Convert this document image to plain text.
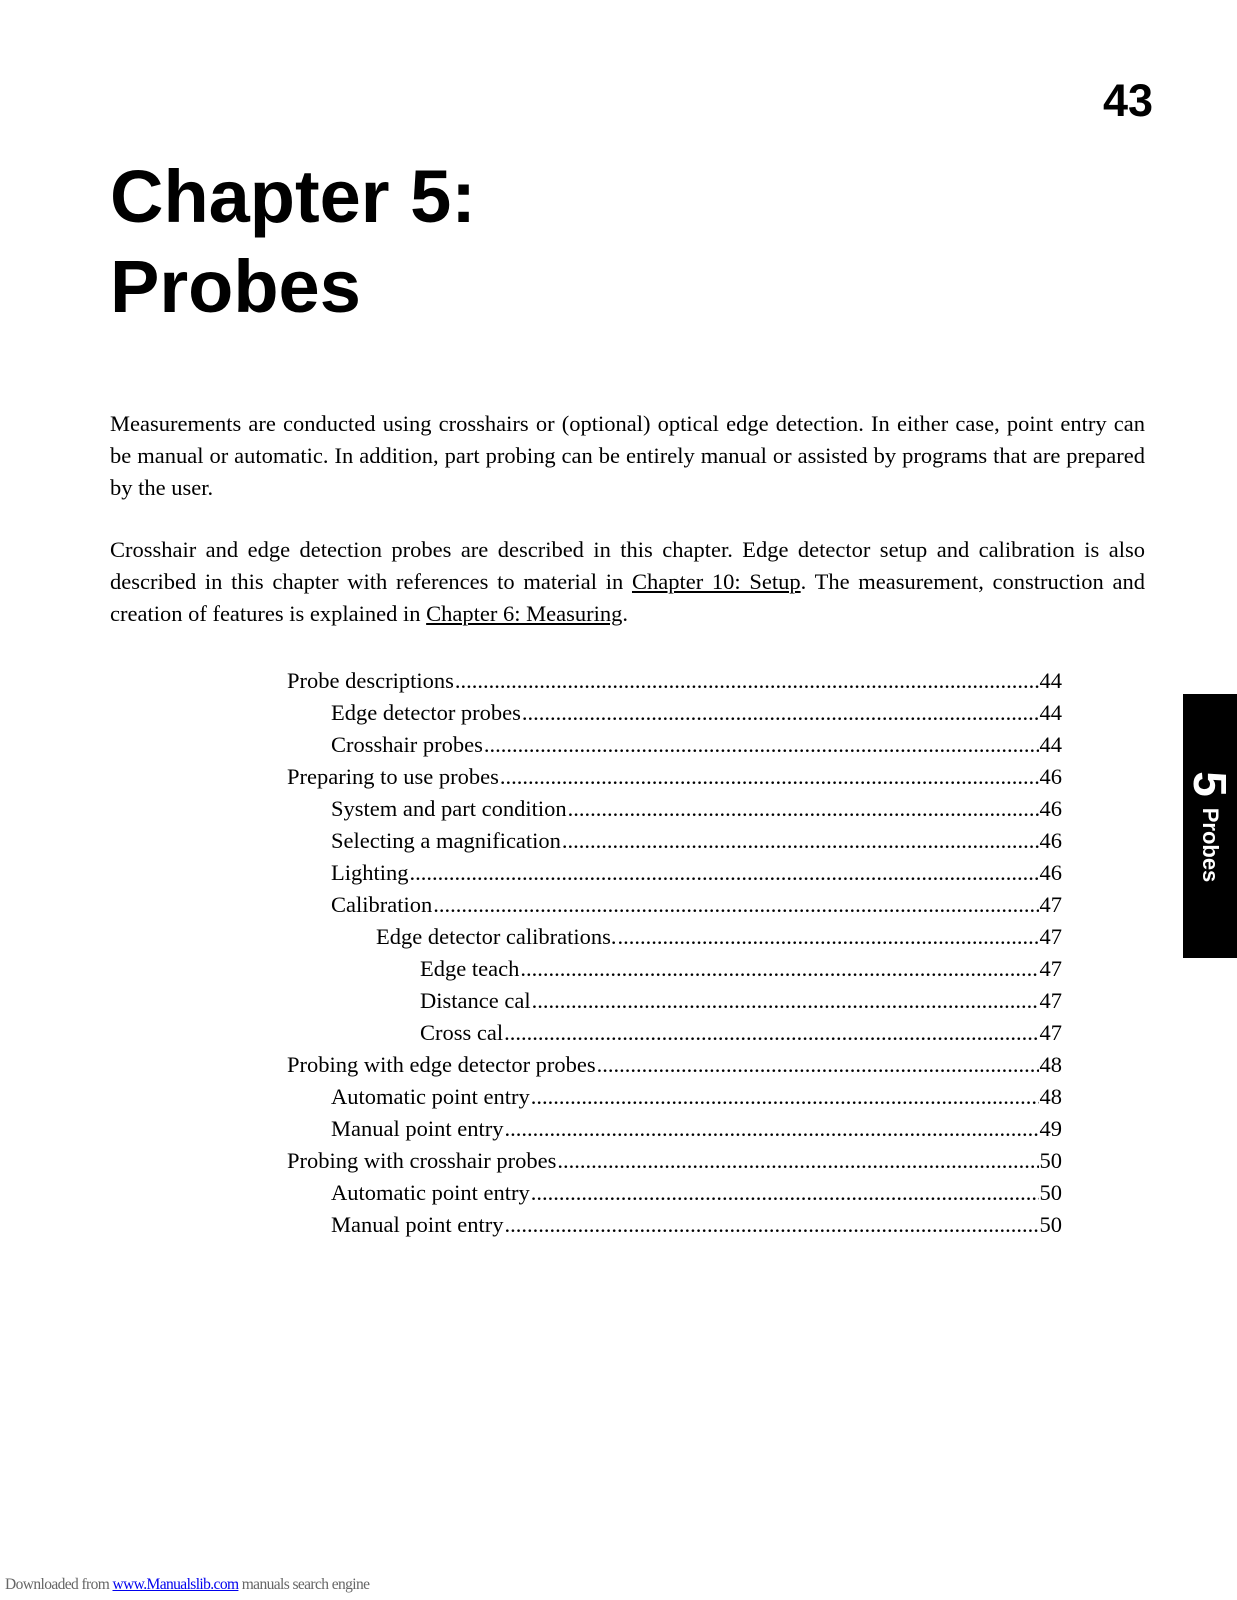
43
Chapter 5:
Probes

Measurements are conducted using crosshairs or (optional) optical edge detection. In either case, point entry can be manual or automatic. In addition, part probing can be entirely manual or assisted by programs that are prepared by the user.

Crosshair and edge detection probes are described in this chapter. Edge detector setup and calibration is also described in this chapter with references to material in Chapter 10: Setup. The measurement, construction and creation of features is explained in Chapter 6: Measuring.

Probe descriptions .....	44
Edge detector probes .....	44
Crosshair probes .....	44
Preparing to use probes .....	46
System and part condition .....	46
Selecting a magnification .....	46
Lighting .....	46
Calibration .....	47
Edge detector calibrations. .....	47
Edge teach .....	47
Distance cal .....	47
Cross cal .....	47
Probing with edge detector probes .....	48
Automatic point entry .....	48
Manual point entry .....	49
Probing with crosshair probes .....	50
Automatic point entry .....	50
Manual point entry .....	50
5
Probes
Downloaded from www.Manualslib.com manuals search engine
